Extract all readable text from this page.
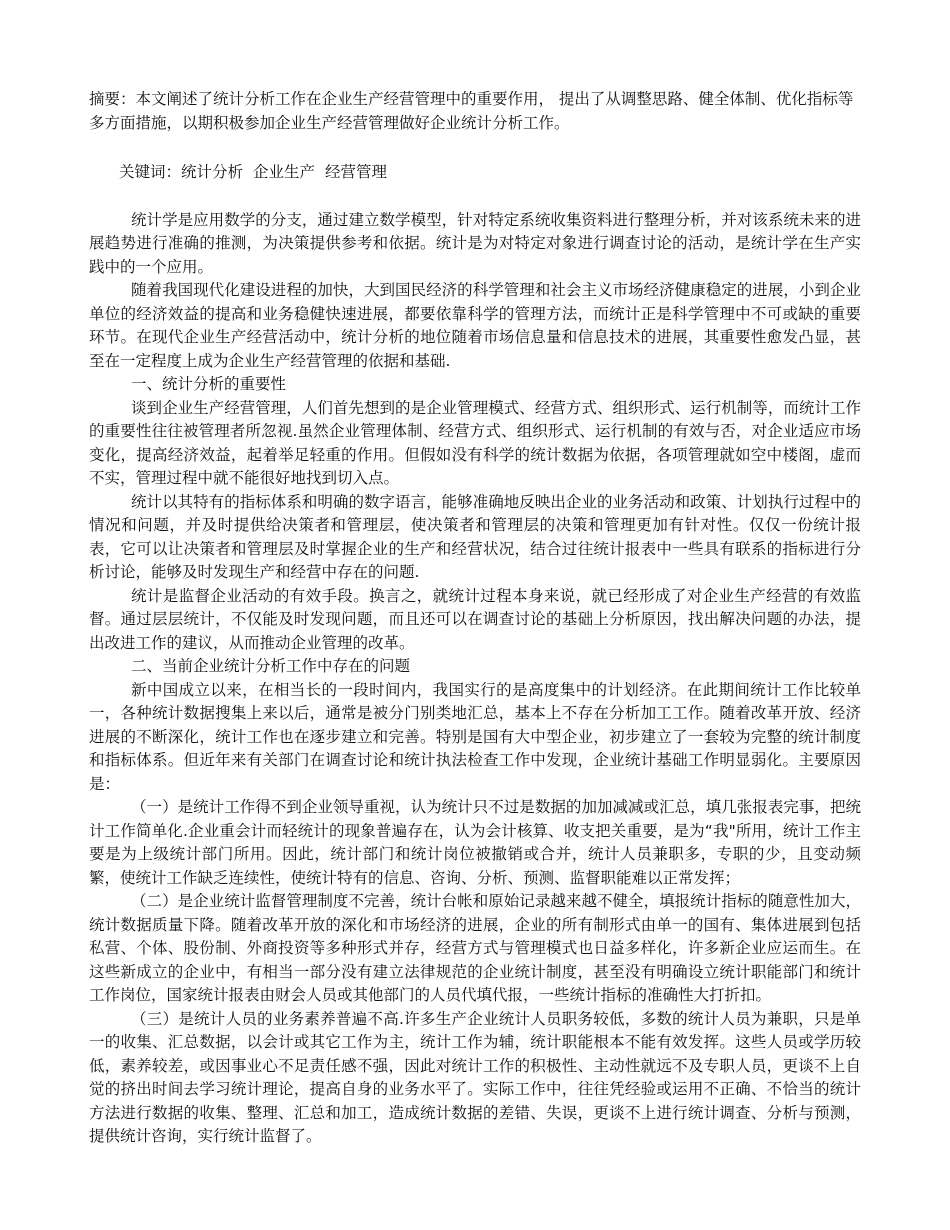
摘要：本文阐述了统计分析工作在企业生产经营管理中的重要作用， 提出了从调整思路、健全体制、优化指标等多方面措施，以期积极参加企业生产经营管理做好企业统计分析工作。

关键词：统计分析 企业生产 经营管理

统计学是应用数学的分支，通过建立数学模型，针对特定系统收集资料进行整理分析，并对该系统未来的进展趋势进行准确的推测，为决策提供参考和依据。统计是为对特定对象进行调查讨论的活动，是统计学在生产实践中的一个应用。

随着我国现代化建设进程的加快，大到国民经济的科学管理和社会主义市场经济健康稳定的进展，小到企业单位的经济效益的提高和业务稳健快速进展，都要依靠科学的管理方法，而统计正是科学管理中不可或缺的重要环节。在现代企业生产经营活动中，统计分析的地位随着市场信息量和信息技术的进展，其重要性愈发凸显，甚至在一定程度上成为企业生产经营管理的依据和基础.

一、统计分析的重要性

谈到企业生产经营管理，人们首先想到的是企业管理模式、经营方式、组织形式、运行机制等，而统计工作的重要性往往被管理者所忽视.虽然企业管理体制、经营方式、组织形式、运行机制的有效与否，对企业适应市场变化，提高经济效益，起着举足轻重的作用。但假如没有科学的统计数据为依据，各项管理就如空中楼阁，虚而不实，管理过程中就不能很好地找到切入点。

统计以其特有的指标体系和明确的数字语言，能够准确地反映出企业的业务活动和政策、计划执行过程中的情况和问题，并及时提供给决策者和管理层，使决策者和管理层的决策和管理更加有针对性。仅仅一份统计报表，它可以让决策者和管理层及时掌握企业的生产和经营状况，结合过往统计报表中一些具有联系的指标进行分析讨论，能够及时发现生产和经营中存在的问题.

统计是监督企业活动的有效手段。换言之，就统计过程本身来说，就已经形成了对企业生产经营的有效监督。通过层层统计，不仅能及时发现问题，而且还可以在调查讨论的基础上分析原因，找出解决问题的办法，提出改进工作的建议，从而推动企业管理的改革。

二、当前企业统计分析工作中存在的问题

新中国成立以来，在相当长的一段时间内，我国实行的是高度集中的计划经济。在此期间统计工作比较单一，各种统计数据搜集上来以后，通常是被分门别类地汇总，基本上不存在分析加工工作。随着改革开放、经济进展的不断深化，统计工作也在逐步建立和完善。特别是国有大中型企业，初步建立了一套较为完整的统计制度和指标体系。但近年来有关部门在调查讨论和统计执法检查工作中发现，企业统计基础工作明显弱化。主要原因是：

（一）是统计工作得不到企业领导重视，认为统计只不过是数据的加加减减或汇总，填几张报表完事，把统计工作简单化.企业重会计而轻统计的现象普遍存在，认为会计核算、收支把关重要，是为“我"所用，统计工作主要是为上级统计部门所用。因此，统计部门和统计岗位被撤销或合并，统计人员兼职多，专职的少，且变动频繁，使统计工作缺乏连续性，使统计特有的信息、咨询、分析、预测、监督职能难以正常发挥；

（二）是企业统计监督管理制度不完善，统计台帐和原始记录越来越不健全，填报统计指标的随意性加大，统计数据质量下降。随着改革开放的深化和市场经济的进展，企业的所有制形式由单一的国有、集体进展到包括私营、个体、股份制、外商投资等多种形式并存，经营方式与管理模式也日益多样化，许多新企业应运而生。在这些新成立的企业中，有相当一部分没有建立法律规范的企业统计制度，甚至没有明确设立统计职能部门和统计工作岗位，国家统计报表由财会人员或其他部门的人员代填代报，一些统计指标的准确性大打折扣。

（三）是统计人员的业务素养普遍不高.许多生产企业统计人员职务较低，多数的统计人员为兼职，只是单一的收集、汇总数据，以会计或其它工作为主，统计工作为辅，统计职能根本不能有效发挥。这些人员或学历较低，素养较差，或因事业心不足责任感不强，因此对统计工作的积极性、主动性就远不及专职人员，更谈不上自觉的挤出时间去学习统计理论，提高自身的业务水平了。实际工作中，往往凭经验或运用不正确、不恰当的统计方法进行数据的收集、整理、汇总和加工，造成统计数据的差错、失误，更谈不上进行统计调查、分析与预测，提供统计咨询，实行统计监督了。
